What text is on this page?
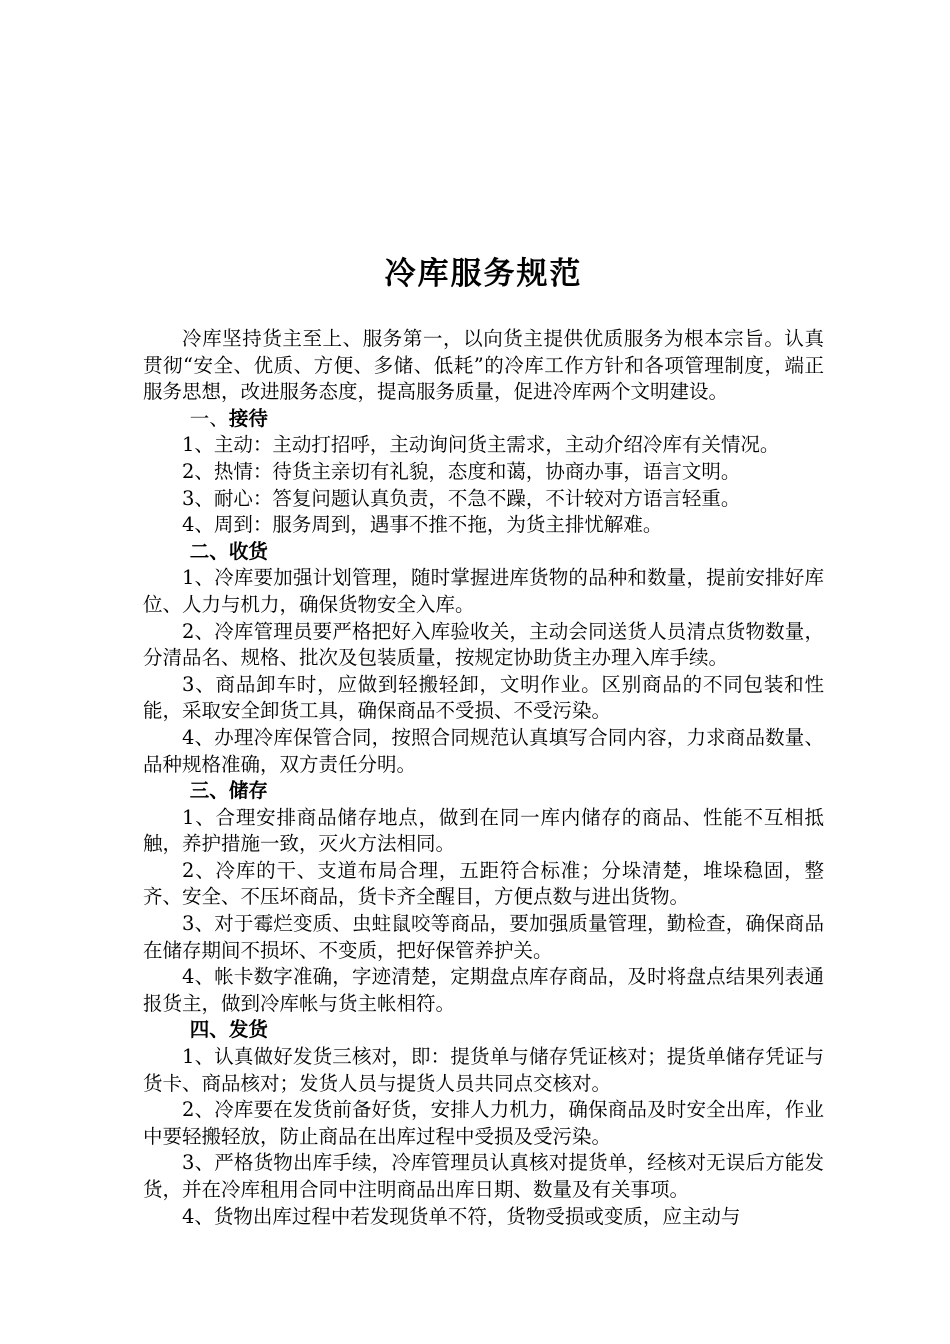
冷库服务规范

冷库坚持货主至上、服务第一，以向货主提供优质服务为根本宗旨。认真贯彻“安全、优质、方便、多储、低耗”的冷库工作方针和各项管理制度，端正服务思想，改进服务态度，提高服务质量，促进冷库两个文明建设。

一、接待

1、主动：主动打招呼，主动询问货主需求，主动介绍冷库有关情况。

2、热情：待货主亲切有礼貌，态度和蔼，协商办事，语言文明。

3、耐心：答复问题认真负责，不急不躁，不计较对方语言轻重。

4、周到：服务周到，遇事不推不拖，为货主排忧解难。

二、收货

1、冷库要加强计划管理，随时掌握进库货物的品种和数量，提前安排好库位、人力与机力，确保货物安全入库。

2、冷库管理员要严格把好入库验收关，主动会同送货人员清点货物数量，分清品名、规格、批次及包装质量，按规定协助货主办理入库手续。

3、商品卸车时，应做到轻搬轻卸，文明作业。区别商品的不同包装和性能，采取安全卸货工具，确保商品不受损、不受污染。

4、办理冷库保管合同，按照合同规范认真填写合同内容，力求商品数量、品种规格准确，双方责任分明。

三、储存

1、合理安排商品储存地点，做到在同一库内储存的商品、性能不互相抵触，养护措施一致，灭火方法相同。

2、冷库的干、支道布局合理，五距符合标准；分垛清楚，堆垛稳固，整齐、安全、不压坏商品，货卡齐全醒目，方便点数与进出货物。

3、对于霉烂变质、虫蛀鼠咬等商品，要加强质量管理，勤检查，确保商品在储存期间不损坏、不变质，把好保管养护关。

4、帐卡数字准确，字迹清楚，定期盘点库存商品，及时将盘点结果列表通报货主，做到冷库帐与货主帐相符。

四、发货

1、认真做好发货三核对，即：提货单与储存凭证核对；提货单储存凭证与货卡、商品核对；发货人员与提货人员共同点交核对。

2、冷库要在发货前备好货，安排人力机力，确保商品及时安全出库，作业中要轻搬轻放，防止商品在出库过程中受损及受污染。

3、严格货物出库手续，冷库管理员认真核对提货单，经核对无误后方能发货，并在冷库租用合同中注明商品出库日期、数量及有关事项。

4、货物出库过程中若发现货单不符，货物受损或变质，应主动与
